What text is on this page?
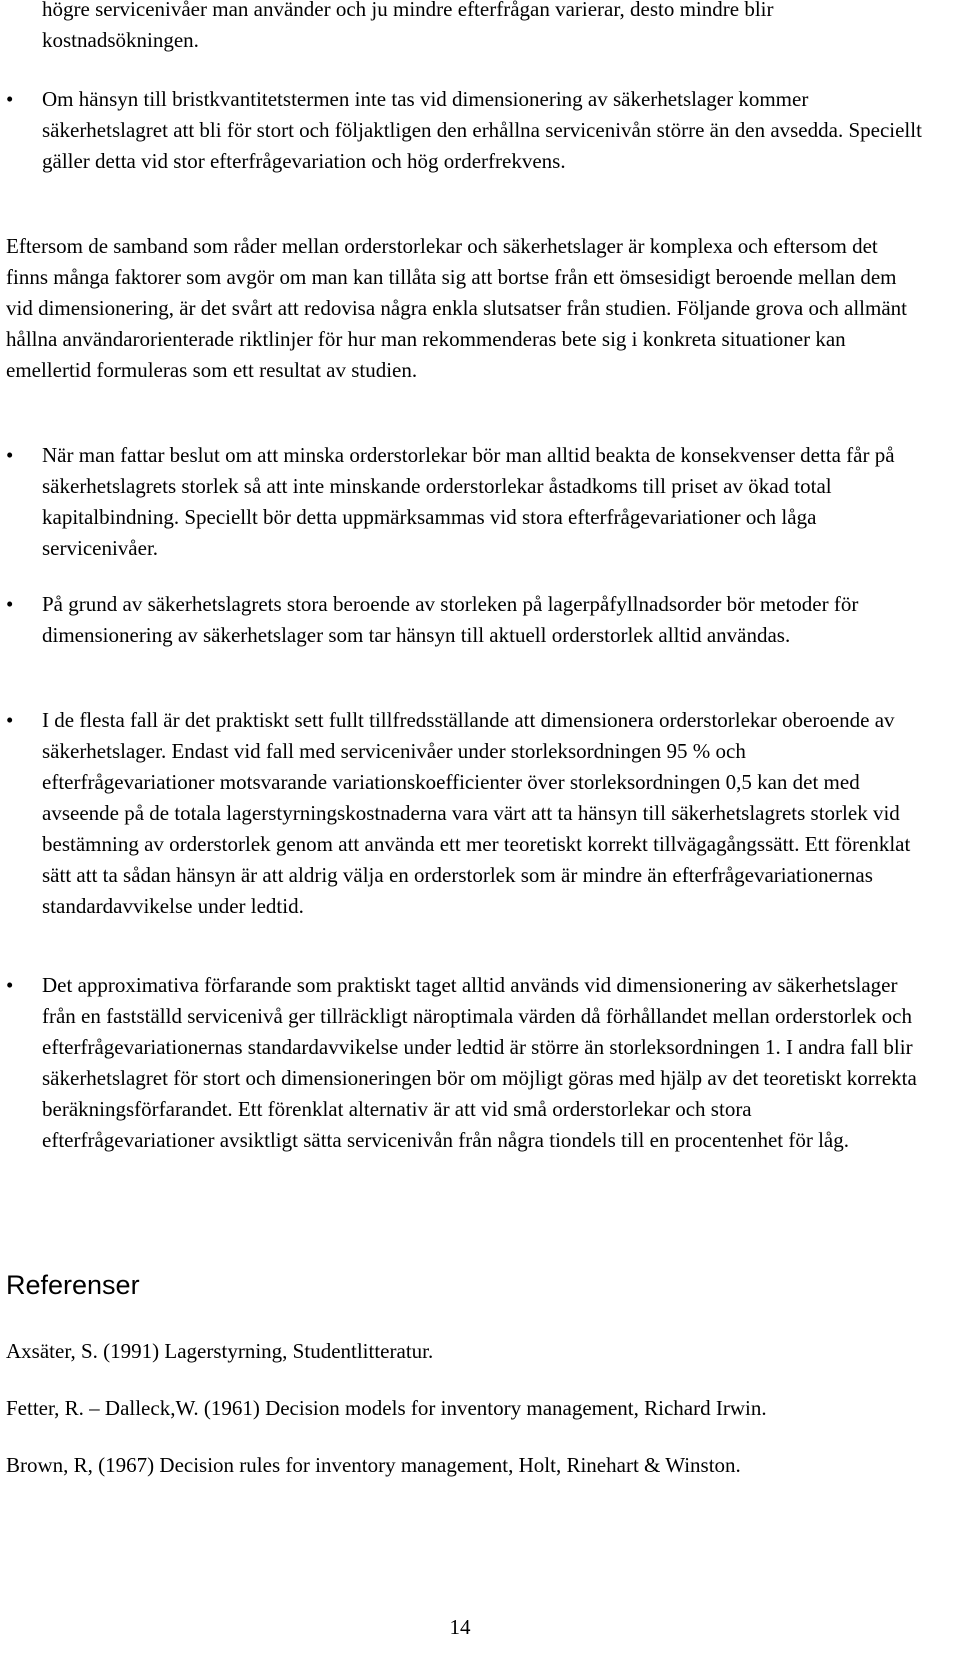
högre servicenivåer man använder och ju mindre efterfrågan varierar, desto mindre blir kostnadsökningen.

•	Om hänsyn till bristkvantitetstermen inte tas vid dimensionering av säkerhetslager kommer säkerhetslagret att bli för stort och följaktligen den erhållna servicenivån större än den avsedda. Speciellt gäller detta vid stor efterfrågevariation och hög orderfrekvens.

Eftersom de samband som råder mellan orderstorlekar och säkerhetslager är komplexa och eftersom det finns många faktorer som avgör om man kan tillåta sig att bortse från ett ömsesidigt beroende mellan dem vid dimensionering, är det svårt att redovisa några enkla slutsatser från studien. Följande grova och allmänt hållna användarorienterade riktlinjer för hur man rekommenderas bete sig i konkreta situationer kan emellertid formuleras som ett resultat av studien.

•	När man fattar beslut om att minska orderstorlekar bör man alltid beakta de konsekvenser detta får på säkerhetslagrets storlek så att inte minskande orderstorlekar åstadkoms till priset av ökad total kapitalbindning. Speciellt bör detta uppmärksammas vid stora efterfrågevariationer och låga servicenivåer.

•	På grund av säkerhetslagrets stora beroende av storleken på lagerpåfyllnadsorder bör metoder för dimensionering av säkerhetslager som tar hänsyn till aktuell orderstorlek alltid användas.

•	I de flesta fall är det praktiskt sett fullt tillfredsställande att dimensionera orderstorlekar oberoende av säkerhetslager. Endast vid fall med servicenivåer under storleksordningen 95 % och efterfrågevariationer motsvarande variationskoefficienter över storleksordningen 0,5 kan det med avseende på de totala lagerstyrningskostnaderna vara värt att ta hänsyn till säkerhetslagrets storlek vid bestämning av orderstorlek genom att använda ett mer teoretiskt korrekt tillvägagångssätt. Ett förenklat sätt att ta sådan hänsyn är att aldrig välja en orderstorlek som är mindre än efterfrågevariationernas standardavvikelse under ledtid.

•	Det approximativa förfarande som praktiskt taget alltid används vid dimensionering av säkerhetslager från en fastställd servicenivå ger tillräckligt näroptimala värden då förhållandet mellan orderstorlek och efterfrågevariationernas standardavvikelse under ledtid är större än storleksordningen 1. I andra fall blir säkerhetslagret för stort och dimensioneringen bör om möjligt göras med hjälp av det teoretiskt korrekta beräkningsförfarandet. Ett förenklat alternativ är att vid små orderstorlekar och stora efterfrågevariationer avsiktligt sätta servicenivån från några tiondels till en procentenhet för låg.

Referenser

Axsäter, S. (1991) Lagerstyrning, Studentlitteratur.

Fetter, R. – Dalleck,W. (1961) Decision models for inventory management, Richard Irwin.

Brown, R, (1967) Decision rules for inventory management, Holt, Rinehart & Winston.

14
